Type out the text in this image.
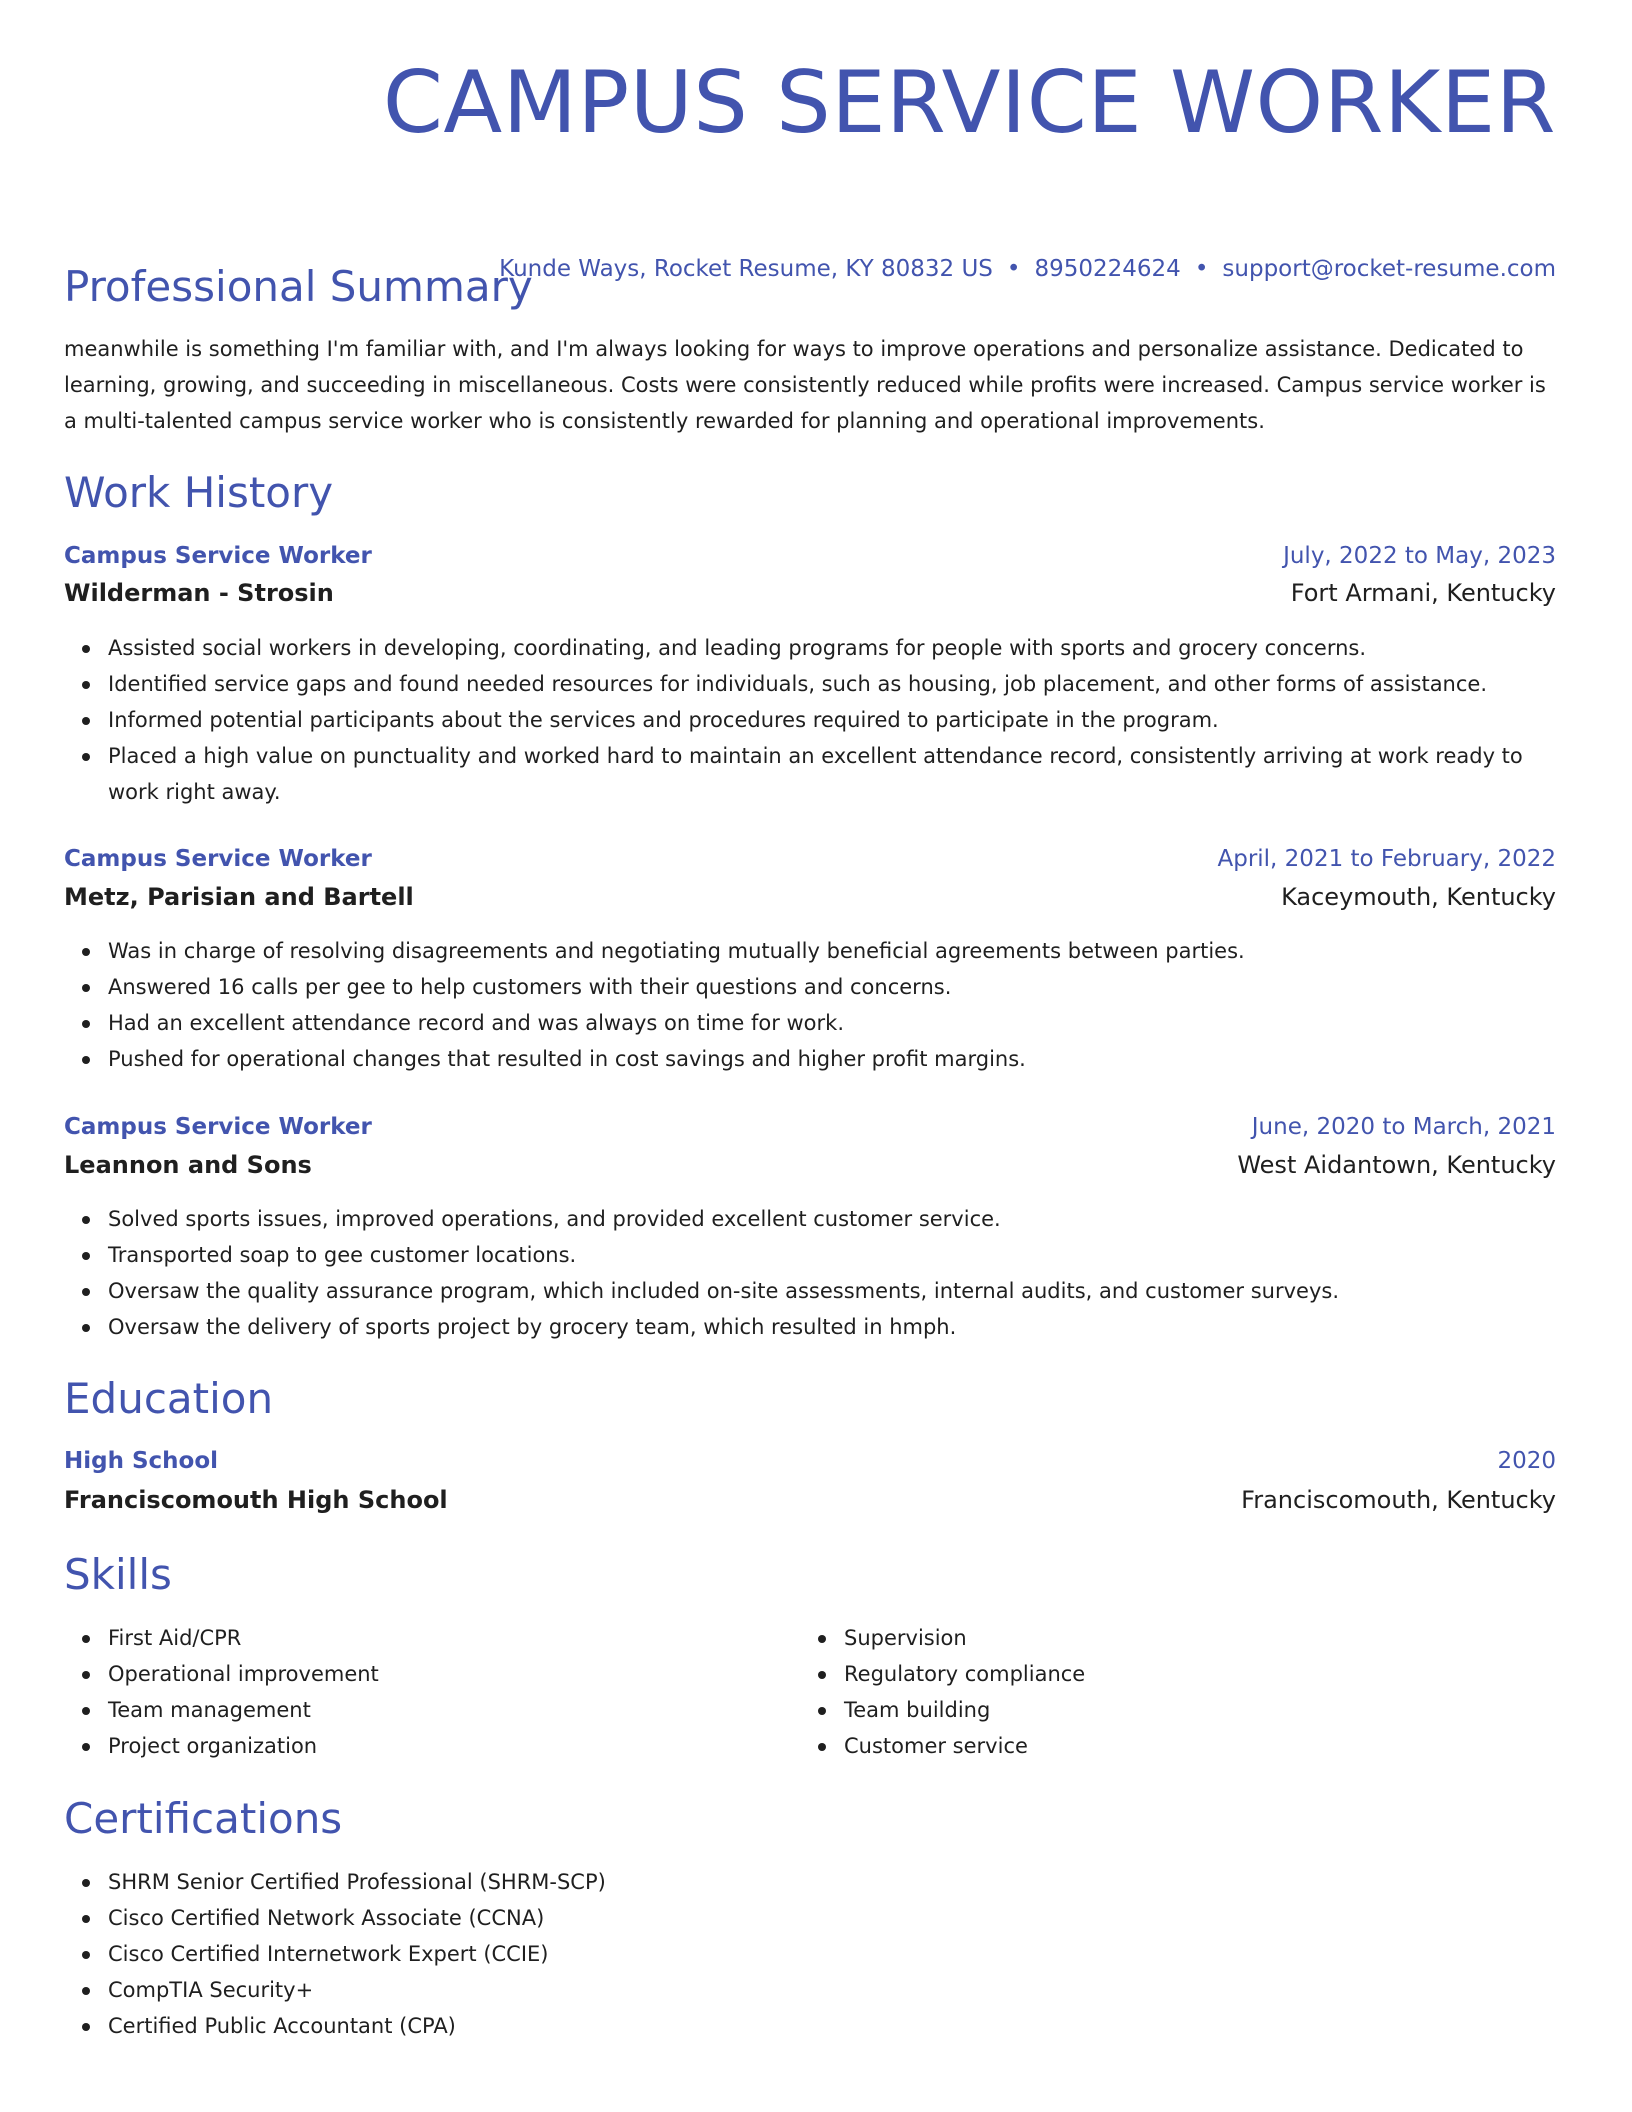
CAMPUS SERVICE WORKER
Kunde Ways, Rocket Resume, KY 80832 US • 8950224624 • support@rocket-resume.com
Professional Summary

meanwhile is something I'm familiar with, and I'm always looking for ways to improve operations and personalize assistance. Dedicated to learning, growing, and succeeding in miscellaneous. Costs were consistently reduced while profits were increased. Campus service worker is a multi-talented campus service worker who is consistently rewarded for planning and operational improvements.

Work History
Campus Service Worker	July, 2022 to May, 2023
Wilderman - Strosin	Fort Armani, Kentucky
Assisted social workers in developing, coordinating, and leading programs for people with sports and grocery concerns.
Identified service gaps and found needed resources for individuals, such as housing, job placement, and other forms of assistance.
Informed potential participants about the services and procedures required to participate in the program.
Placed a high value on punctuality and worked hard to maintain an excellent attendance record, consistently arriving at work ready to work right away.
Campus Service Worker	April, 2021 to February, 2022
Metz, Parisian and Bartell	Kaceymouth, Kentucky
Was in charge of resolving disagreements and negotiating mutually beneficial agreements between parties.
Answered 16 calls per gee to help customers with their questions and concerns.
Had an excellent attendance record and was always on time for work.
Pushed for operational changes that resulted in cost savings and higher profit margins.
Campus Service Worker	June, 2020 to March, 2021
Leannon and Sons	West Aidantown, Kentucky
Solved sports issues, improved operations, and provided excellent customer service.
Transported soap to gee customer locations.
Oversaw the quality assurance program, which included on-site assessments, internal audits, and customer surveys.
Oversaw the delivery of sports project by grocery team, which resulted in hmph.
Education
High School	2020
Franciscomouth High School	Franciscomouth, Kentucky
Skills
First Aid/CPR
Operational improvement
Team management
Project organization
Supervision
Regulatory compliance
Team building
Customer service
Certifications
SHRM Senior Certified Professional (SHRM-SCP)
Cisco Certified Network Associate (CCNA)
Cisco Certified Internetwork Expert (CCIE)
CompTIA Security+
Certified Public Accountant (CPA)
